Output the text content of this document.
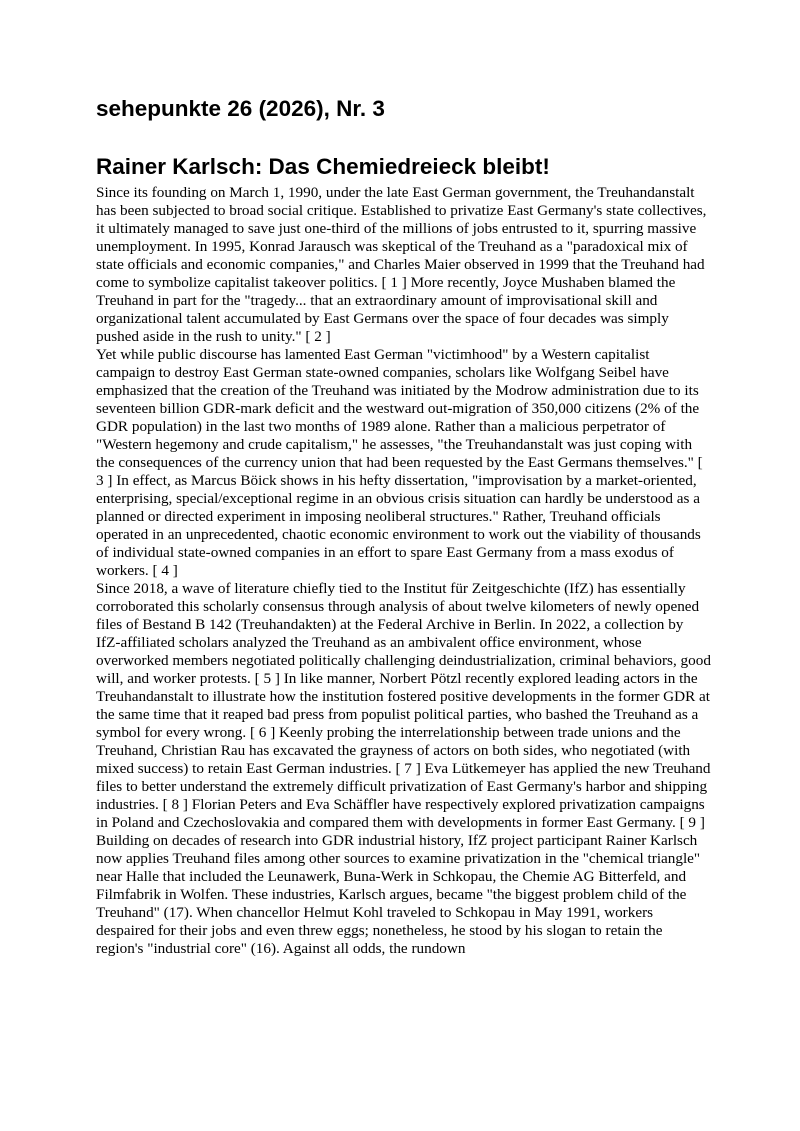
sehepunkte 26 (2026), Nr. 3
Rainer Karlsch: Das Chemiedreieck bleibt!

Since its founding on March 1, 1990, under the late East German government, the Treuhandanstalt has been subjected to broad social critique. Established to privatize East Germany's state collectives, it ultimately managed to save just one-third of the millions of jobs entrusted to it, spurring massive unemployment. In 1995, Konrad Jarausch was skeptical of the Treuhand as a "paradoxical mix of state officials and economic companies," and Charles Maier observed in 1999 that the Treuhand had come to symbolize capitalist takeover politics. [ 1 ] More recently, Joyce Mushaben blamed the Treuhand in part for the "tragedy... that an extraordinary amount of improvisational skill and organizational talent accumulated by East Germans over the space of four decades was simply pushed aside in the rush to unity." [ 2 ]

Yet while public discourse has lamented East German "victimhood" by a Western capitalist campaign to destroy East German state-owned companies, scholars like Wolfgang Seibel have emphasized that the creation of the Treuhand was initiated by the Modrow administration due to its seventeen billion GDR-mark deficit and the westward out-migration of 350,000 citizens (2% of the GDR population) in the last two months of 1989 alone. Rather than a malicious perpetrator of "Western hegemony and crude capitalism," he assesses, "the Treuhandanstalt was just coping with the consequences of the currency union that had been requested by the East Germans themselves." [ 3 ] In effect, as Marcus Böick shows in his hefty dissertation, "improvisation by a market-oriented, enterprising, special/exceptional regime in an obvious crisis situation can hardly be understood as a planned or directed experiment in imposing neoliberal structures." Rather, Treuhand officials operated in an unprecedented, chaotic economic environment to work out the viability of thousands of individual state-owned companies in an effort to spare East Germany from a mass exodus of workers. [ 4 ]

Since 2018, a wave of literature chiefly tied to the Institut für Zeitgeschichte (IfZ) has essentially corroborated this scholarly consensus through analysis of about twelve kilometers of newly opened files of Bestand B 142 (Treuhandakten) at the Federal Archive in Berlin. In 2022, a collection by IfZ-affiliated scholars analyzed the Treuhand as an ambivalent office environment, whose overworked members negotiated politically challenging deindustrialization, criminal behaviors, good will, and worker protests. [ 5 ] In like manner, Norbert Pötzl recently explored leading actors in the Treuhandanstalt to illustrate how the institution fostered positive developments in the former GDR at the same time that it reaped bad press from populist political parties, who bashed the Treuhand as a symbol for every wrong. [ 6 ] Keenly probing the interrelationship between trade unions and the Treuhand, Christian Rau has excavated the grayness of actors on both sides, who negotiated (with mixed success) to retain East German industries. [ 7 ] Eva Lütkemeyer has applied the new Treuhand files to better understand the extremely difficult privatization of East Germany's harbor and shipping industries. [ 8 ] Florian Peters and Eva Schäffler have respectively explored privatization campaigns in Poland and Czechoslovakia and compared them with developments in former East Germany. [ 9 ]

Building on decades of research into GDR industrial history, IfZ project participant Rainer Karlsch now applies Treuhand files among other sources to examine privatization in the "chemical triangle" near Halle that included the Leunawerk, Buna-Werk in Schkopau, the Chemie AG Bitterfeld, and Filmfabrik in Wolfen. These industries, Karlsch argues, became "the biggest problem child of the Treuhand" (17). When chancellor Helmut Kohl traveled to Schkopau in May 1991, workers despaired for their jobs and even threw eggs; nonetheless, he stood by his slogan to retain the region's "industrial core" (16). Against all odds, the rundown
